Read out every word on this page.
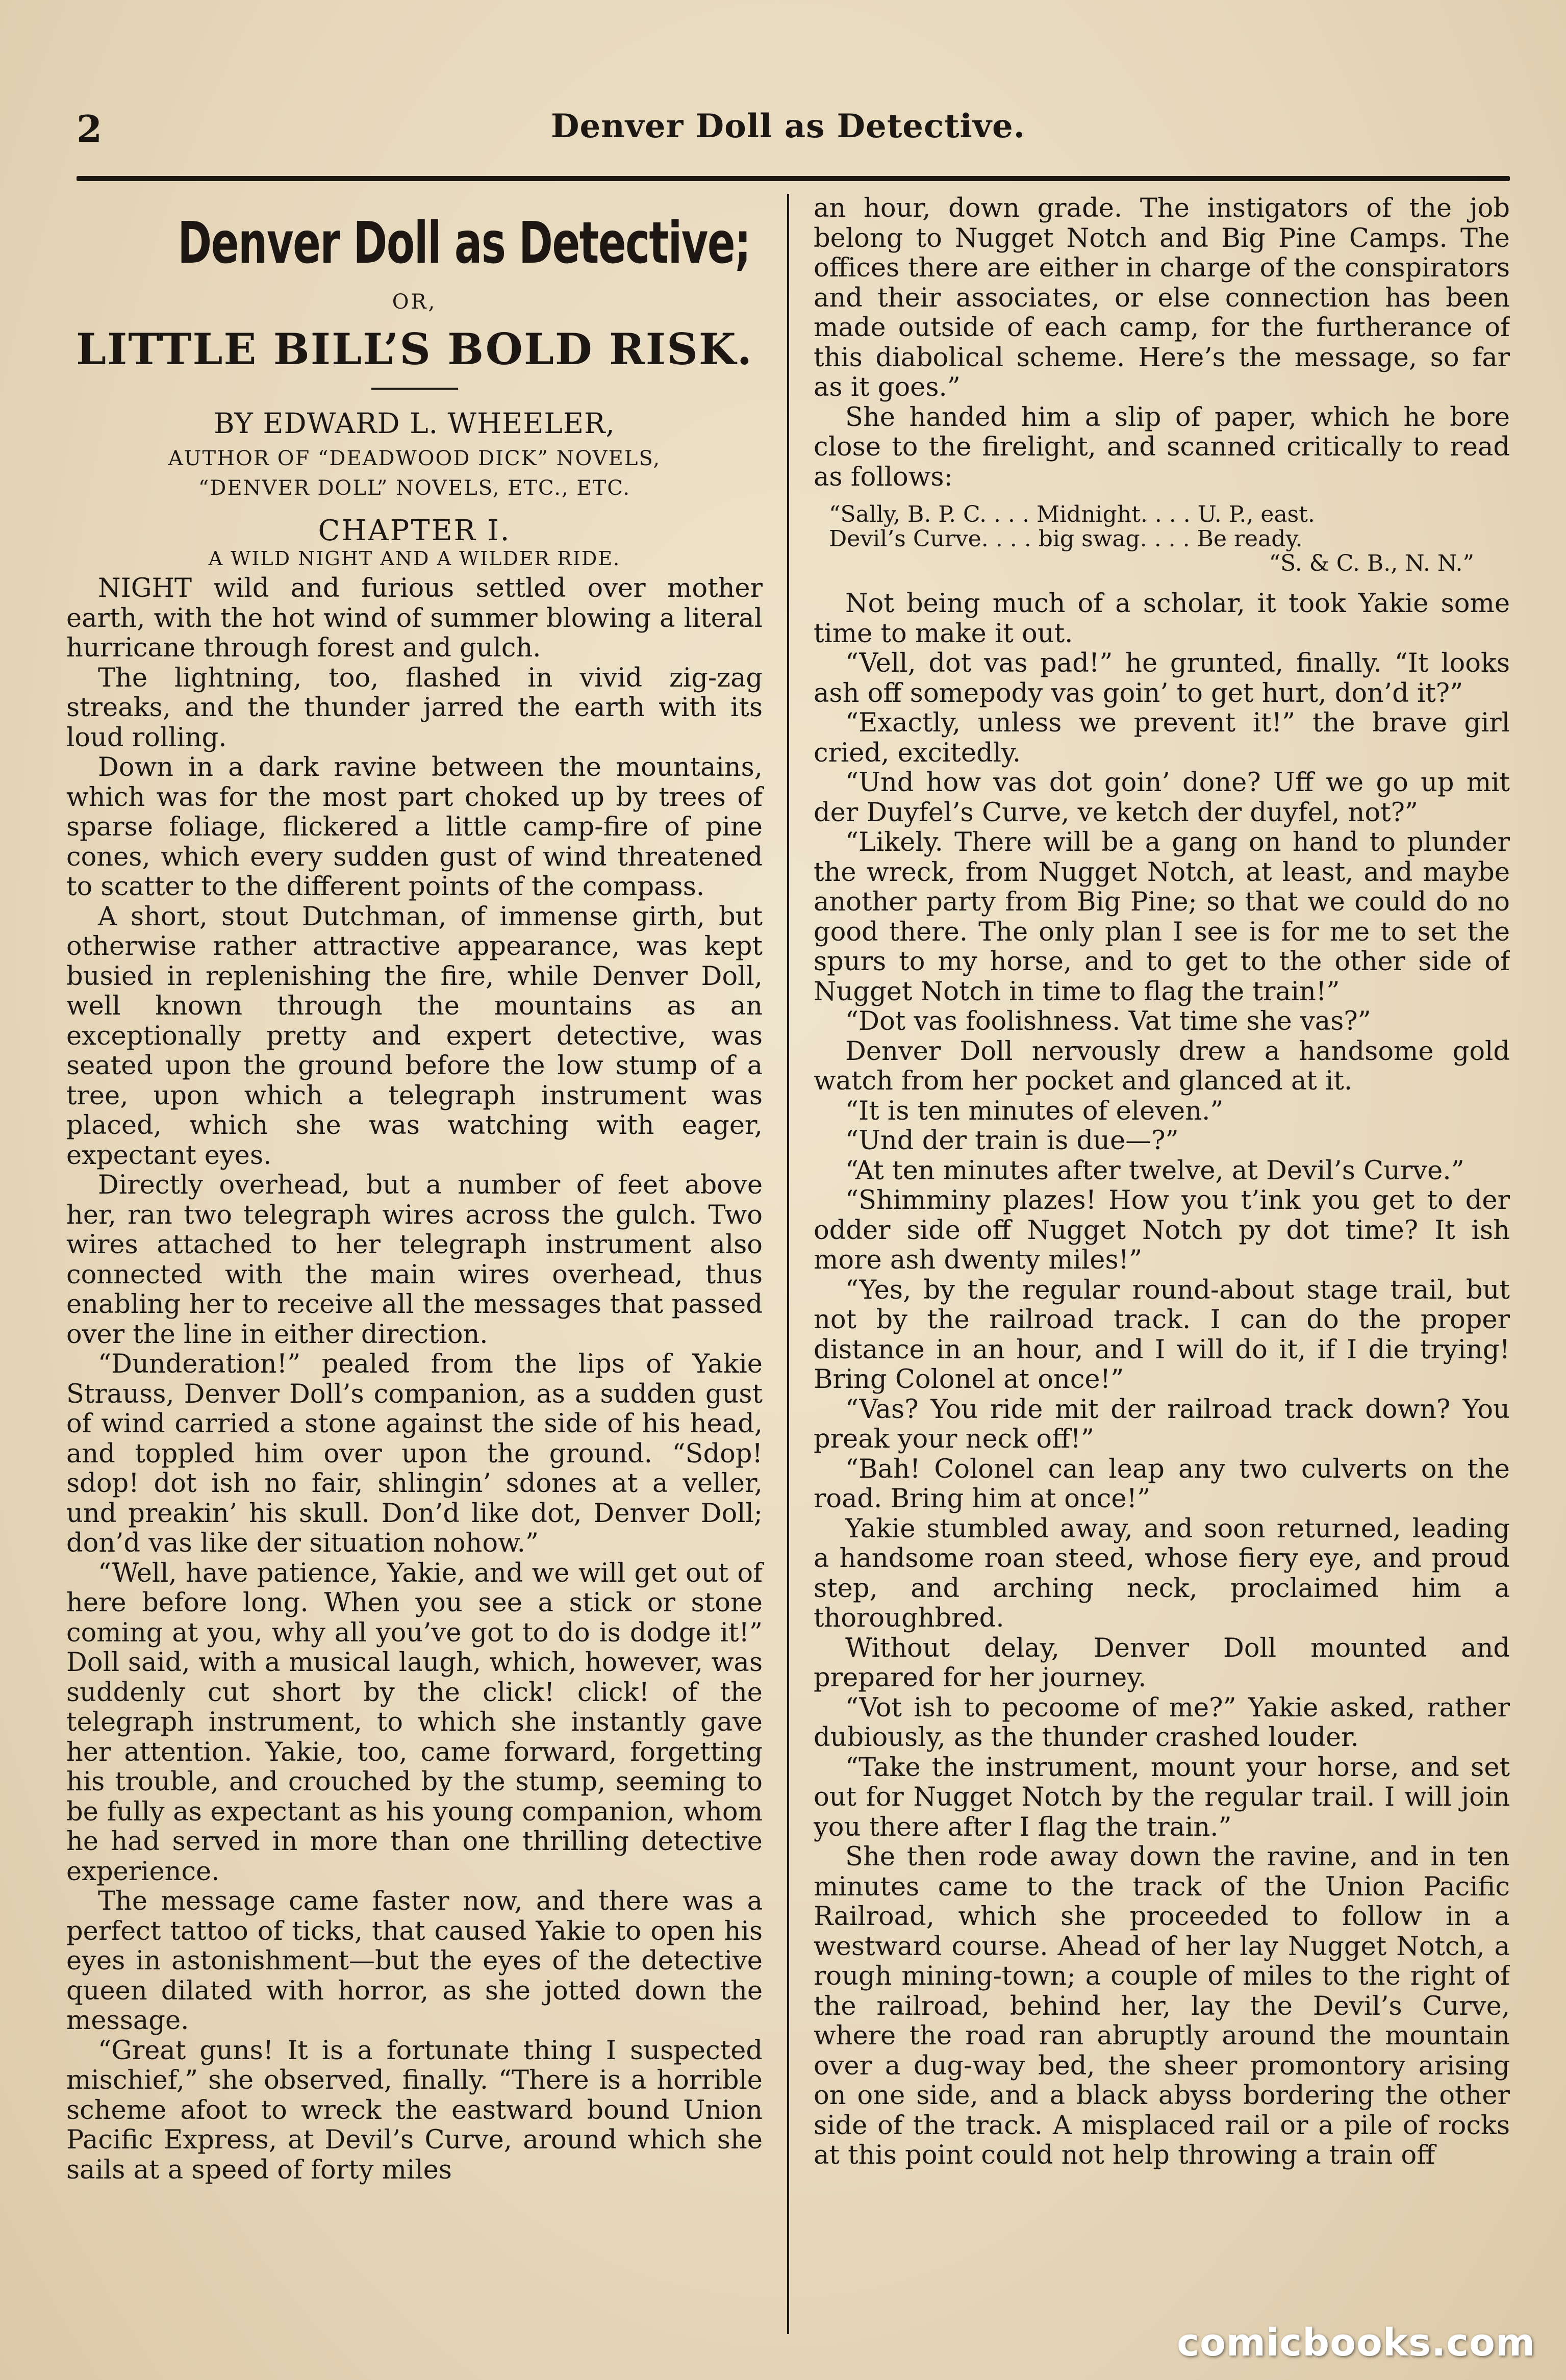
2	Denver Doll as Detective.
Denver Doll as Detective;
OR,
LITTLE BILL’S BOLD RISK.
BY EDWARD L. WHEELER,
AUTHOR OF “DEADWOOD DICK” NOVELS,
“DENVER DOLL” NOVELS, ETC., ETC.
CHAPTER I.
A WILD NIGHT AND A WILDER RIDE.

NIGHT wild and furious settled over mother earth, with the hot wind of summer blowing a literal hurricane through forest and gulch.

The lightning, too, flashed in vivid zig-zag streaks, and the thunder jarred the earth with its loud rolling.

Down in a dark ravine between the mountains, which was for the most part choked up by trees of sparse foliage, flickered a little camp-fire of pine cones, which every sudden gust of wind threatened to scatter to the different points of the compass.

A short, stout Dutchman, of immense girth, but otherwise rather attractive appearance, was kept busied in replenishing the fire, while Denver Doll, well known through the mountains as an exceptionally pretty and expert detective, was seated upon the ground before the low stump of a tree, upon which a telegraph instrument was placed, which she was watching with eager, expectant eyes.

Directly overhead, but a number of feet above her, ran two telegraph wires across the gulch. Two wires attached to her telegraph instrument also connected with the main wires overhead, thus enabling her to receive all the messages that passed over the line in either direction.

“Dunderation!” pealed from the lips of Yakie Strauss, Denver Doll’s companion, as a sudden gust of wind carried a stone against the side of his head, and toppled him over upon the ground. “Sdop! sdop! dot ish no fair, shlingin’ sdones at a veller, und preakin’ his skull. Don’d like dot, Denver Doll; don’d vas like der situation nohow.”

“Well, have patience, Yakie, and we will get out of here before long. When you see a stick or stone coming at you, why all you’ve got to do is dodge it!” Doll said, with a musical laugh, which, however, was suddenly cut short by the click! click! of the telegraph instrument, to which she instantly gave her attention. Yakie, too, came forward, forgetting his trouble, and crouched by the stump, seeming to be fully as expectant as his young companion, whom he had served in more than one thrilling detective experience.

The message came faster now, and there was a perfect tattoo of ticks, that caused Yakie to open his eyes in astonishment—but the eyes of the detective queen dilated with horror, as she jotted down the message.

“Great guns! It is a fortunate thing I suspected mischief,” she observed, finally. “There is a horrible scheme afoot to wreck the eastward bound Union Pacific Express, at Devil’s Curve, around which she sails at a speed of forty miles

an hour, down grade. The instigators of the job belong to Nugget Notch and Big Pine Camps. The offices there are either in charge of the conspirators and their associates, or else connection has been made outside of each camp, for the furtherance of this diabolical scheme. Here’s the message, so far as it goes.”

She handed him a slip of paper, which he bore close to the firelight, and scanned critically to read as follows:

“Sally, B. P. C. . . . Midnight. . . . U. P., east.
Devil’s Curve. . . . big swag. . . . Be ready.
“S. & C. B., N. N.”

Not being much of a scholar, it took Yakie some time to make it out.

“Vell, dot vas pad!” he grunted, finally. “It looks ash off somepody vas goin’ to get hurt, don’d it?”

“Exactly, unless we prevent it!” the brave girl cried, excitedly.

“Und how vas dot goin’ done? Uff we go up mit der Duyfel’s Curve, ve ketch der duyfel, not?”

“Likely. There will be a gang on hand to plunder the wreck, from Nugget Notch, at least, and maybe another party from Big Pine; so that we could do no good there. The only plan I see is for me to set the spurs to my horse, and to get to the other side of Nugget Notch in time to flag the train!”

“Dot vas foolishness. Vat time she vas?”

Denver Doll nervously drew a handsome gold watch from her pocket and glanced at it.

“It is ten minutes of eleven.”

“Und der train is due—?”

“At ten minutes after twelve, at Devil’s Curve.”

“Shimminy plazes! How you t’ink you get to der odder side off Nugget Notch py dot time? It ish more ash dwenty miles!”

“Yes, by the regular round-about stage trail, but not by the railroad track. I can do the proper distance in an hour, and I will do it, if I die trying! Bring Colonel at once!”

“Vas? You ride mit der railroad track down? You preak your neck off!”

“Bah! Colonel can leap any two culverts on the road. Bring him at once!”

Yakie stumbled away, and soon returned, leading a handsome roan steed, whose fiery eye, and proud step, and arching neck, proclaimed him a thoroughbred.

Without delay, Denver Doll mounted and prepared for her journey.

“Vot ish to pecoome of me?” Yakie asked, rather dubiously, as the thunder crashed louder.

“Take the instrument, mount your horse, and set out for Nugget Notch by the regular trail. I will join you there after I flag the train.”

She then rode away down the ravine, and in ten minutes came to the track of the Union Pacific Railroad, which she proceeded to follow in a westward course. Ahead of her lay Nugget Notch, a rough mining-town; a couple of miles to the right of the railroad, behind her, lay the Devil’s Curve, where the road ran abruptly around the mountain over a dug-way bed, the sheer promontory arising on one side, and a black abyss bordering the other side of the track. A misplaced rail or a pile of rocks at this point could not help throwing a train off

comicbooks.com
